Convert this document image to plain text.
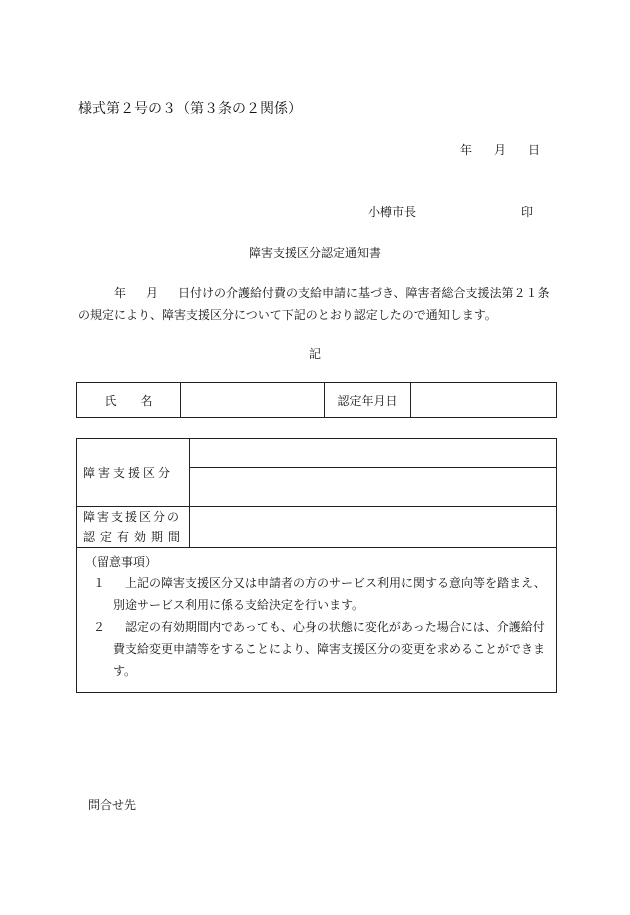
様式第２号の３（第３条の２関係）
年 月 日
小樽市長	印
障害支援区分認定通知書
年 月 日付けの介護給付費の支給申請に基づき、障害者総合支援法第２１条
の規定により、障害支援区分について下記のとおり認定したので通知します。
記
氏　　名		認定年月日	
障害支援区分	

障害支援区分の
認定有効期間	

（留意事項）
１ 上記の障害支援区分又は申請者の方のサービス利用に関する意向等を踏まえ、別途サービス利用に係る支給決定を行います。
２ 認定の有効期間内であっても、心身の状態に変化があった場合には、介護給付費支給変更申請等をすることにより、障害支援区分の変更を求めることができます。	
問合せ先
